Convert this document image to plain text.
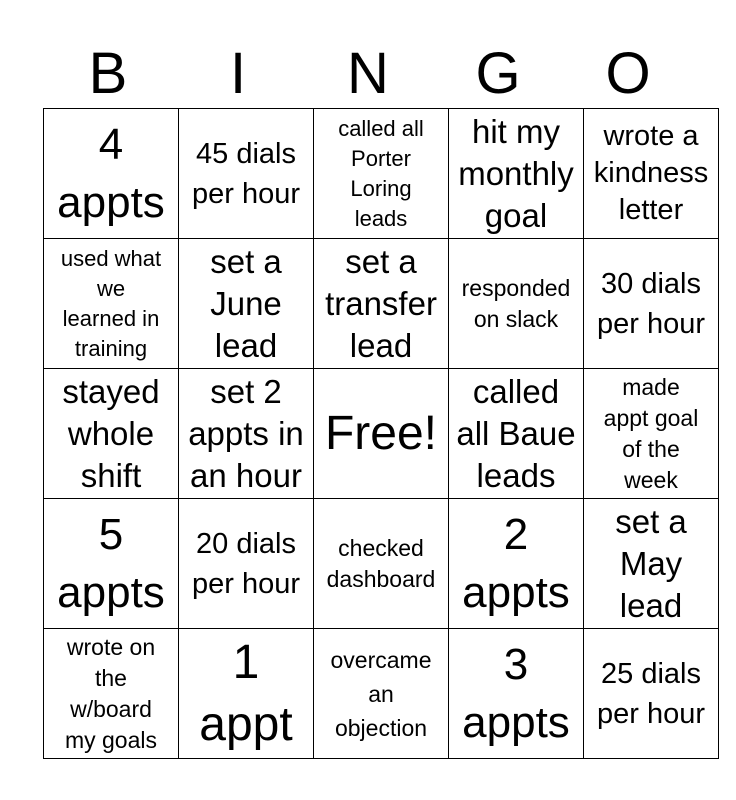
B	I	N	G	O
4
appts	45 dials
per hour	called all
Porter
Loring
leads	hit my
monthly
goal	wrote a
kindness
letter

used what
we
learned in
training	set a
June
lead	set a
transfer
lead	responded
on slack	30 dials
per hour

stayed
whole
shift	set 2
appts in
an hour	Free!	called
all Baue
leads	made
appt goal
of the
week

5
appts	20 dials
per hour	checked
dashboard	2
appts	set a
May
lead

wrote on
the
w/board
my goals	1
appt	overcame
an
objection	3
appts	25 dials
per hour
